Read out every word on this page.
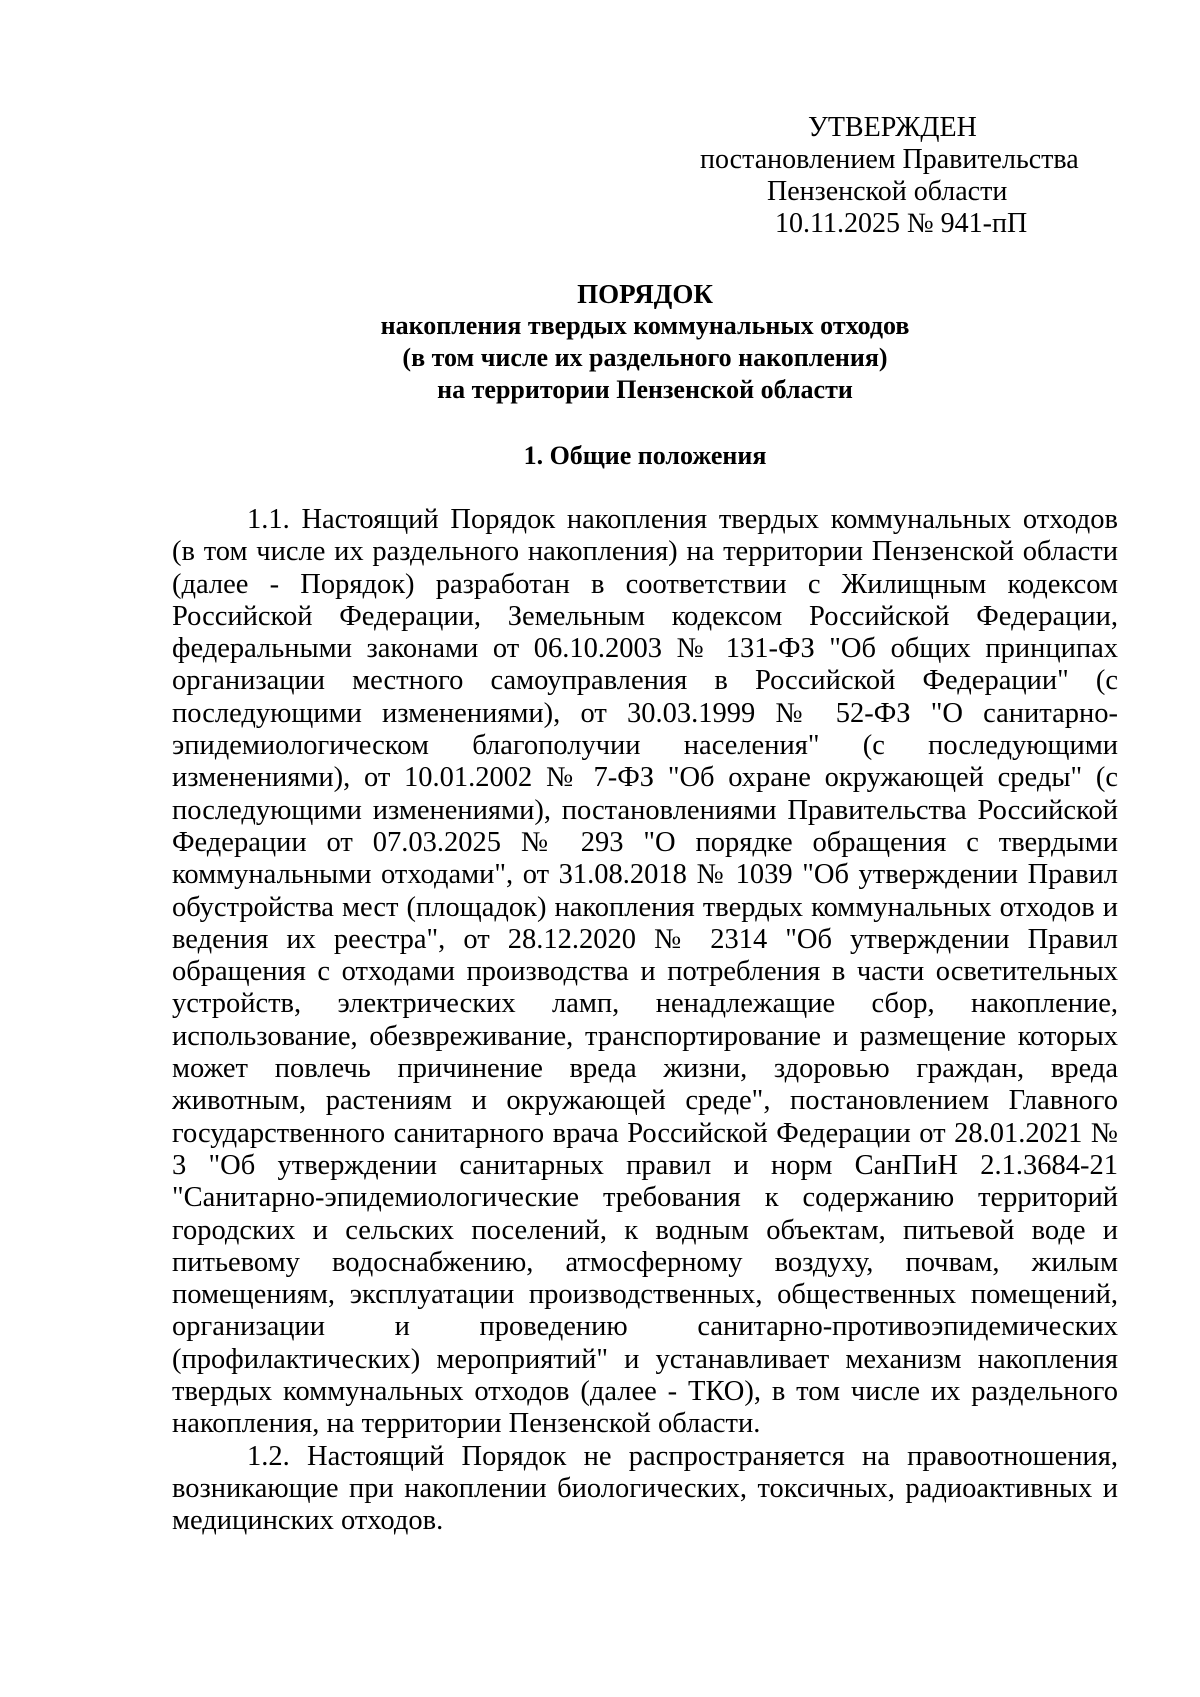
УТВЕРЖДЕН
постановлением Правительства
Пензенской области
10.11.2025 № 941-пП
ПОРЯДОК
накопления твердых коммунальных отходов
(в том числе их раздельного накопления)
на территории Пензенской области
1. Общие положения

1.1. Настоящий Порядок накопления твердых коммунальных отходов (в том числе их раздельного накопления) на территории Пензенской области (далее - Порядок) разработан в соответствии с Жилищным кодексом Российской Федерации, Земельным кодексом Российской Федерации, федеральными законами от 06.10.2003 № 131-ФЗ "Об общих принципах организации местного самоуправления в Российской Федерации" (с последующими изменениями), от 30.03.1999 № 52-ФЗ "О санитарно-эпидемиологическом благополучии населения" (с последующими изменениями), от 10.01.2002 № 7-ФЗ "Об охране окружающей среды" (с последующими изменениями), постановлениями Правительства Российской Федерации от 07.03.2025 № 293 "О порядке обращения с твердыми коммунальными отходами", от 31.08.2018 № 1039 "Об утверждении Правил обустройства мест (площадок) накопления твердых коммунальных отходов и ведения их реестра", от 28.12.2020 № 2314 "Об утверждении Правил обращения с отходами производства и потребления в части осветительных устройств, электрических ламп, ненадлежащие сбор, накопление, использование, обезвреживание, транспортирование и размещение которых может повлечь причинение вреда жизни, здоровью граждан, вреда животным, растениям и окружающей среде", постановлением Главного государственного санитарного врача Российской Федерации от 28.01.2021 № 3 "Об утверждении санитарных правил и норм СанПиН 2.1.3684-21 "Санитарно-эпидемиологические требования к содержанию территорий городских и сельских поселений, к водным объектам, питьевой воде и питьевому водоснабжению, атмосферному воздуху, почвам, жилым помещениям, эксплуатации производственных, общественных помещений, организации и проведению санитарно-противоэпидемических (профилактических) мероприятий" и устанавливает механизм накопления твердых коммунальных отходов (далее - ТКО), в том числе их раздельного накопления, на территории Пензенской области.

1.2. Настоящий Порядок не распространяется на правоотношения, возникающие при накоплении биологических, токсичных, радиоактивных и медицинских отходов.
